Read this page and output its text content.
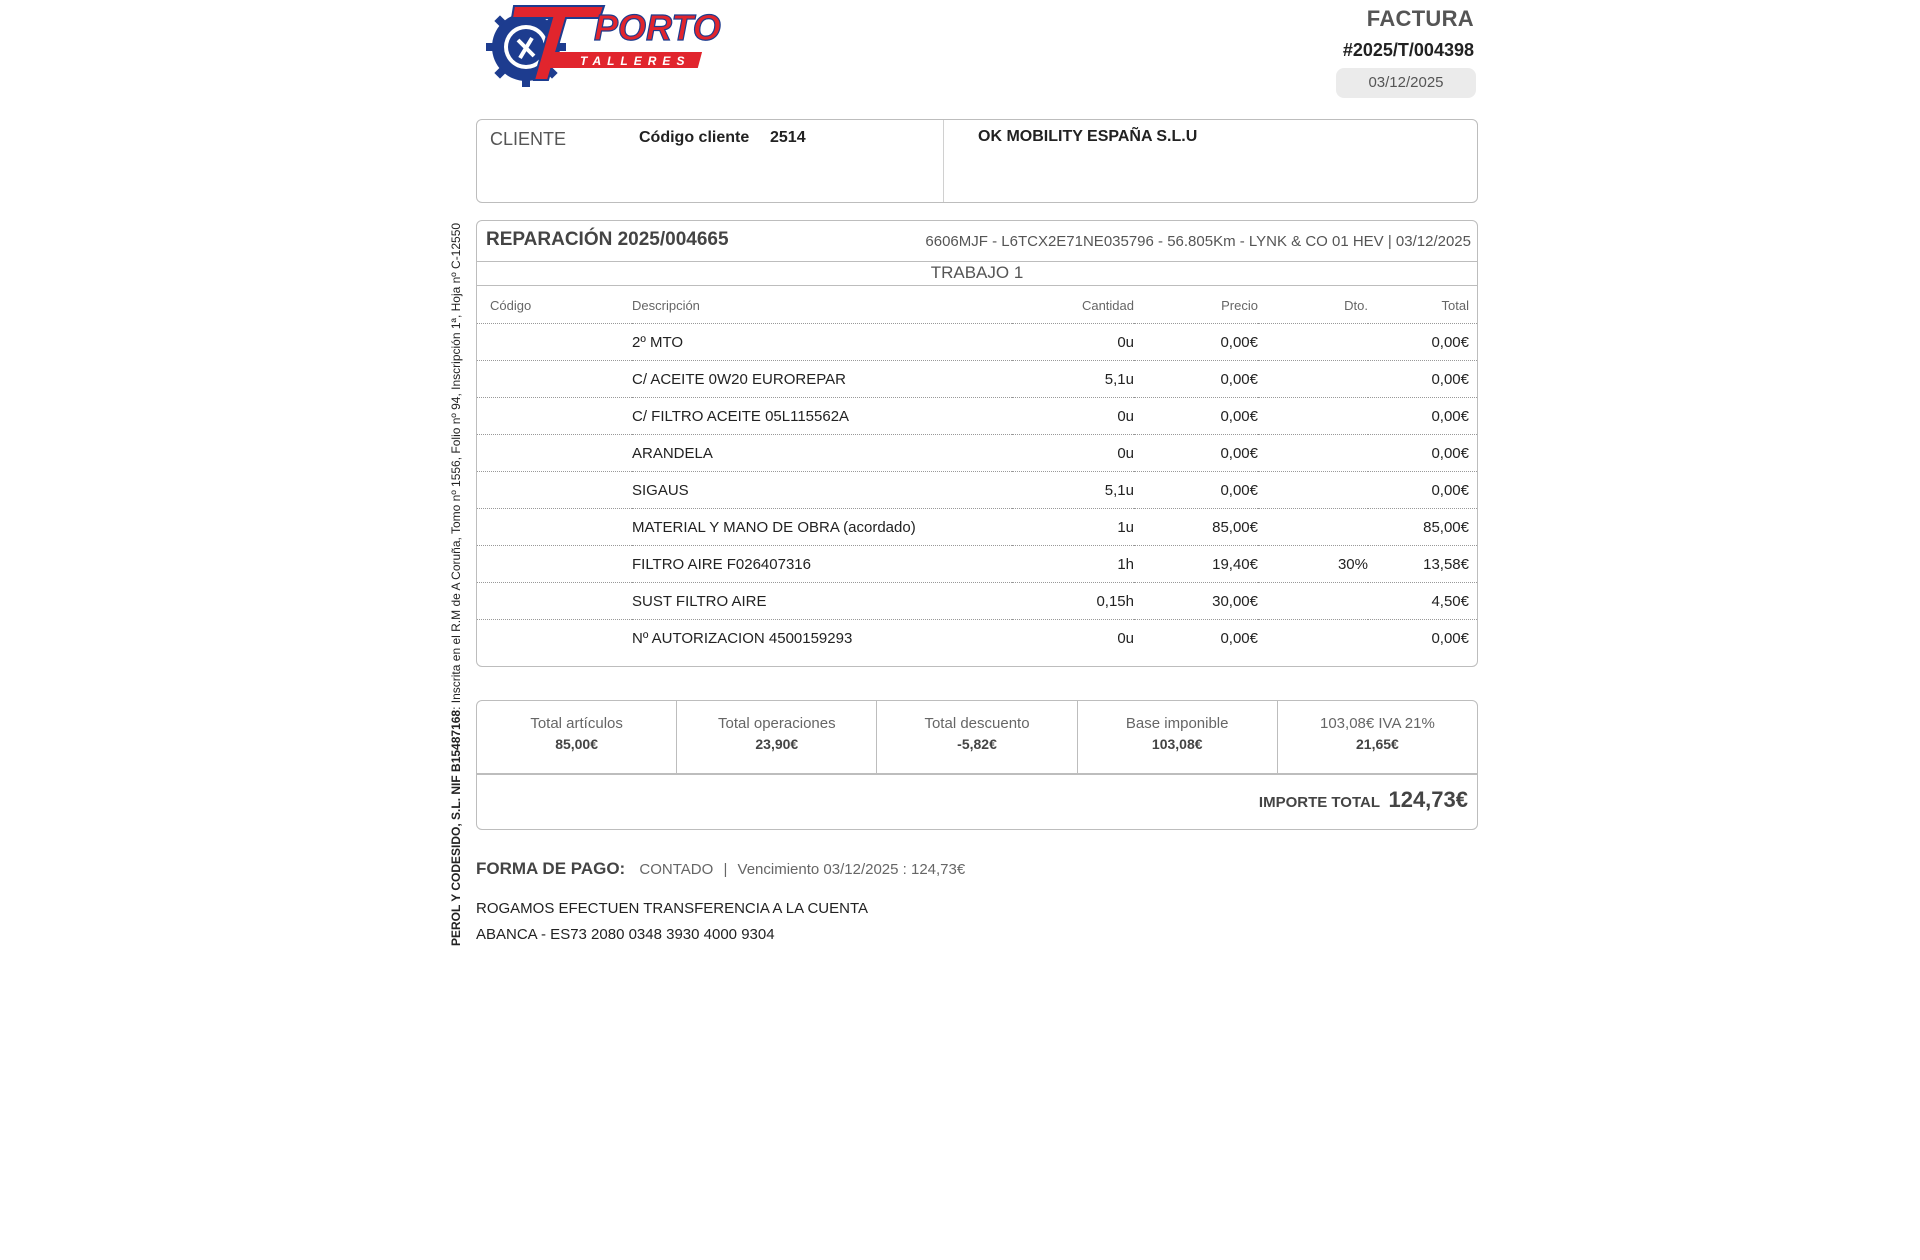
PORTO
TALLERES
FACTURA
#2025/T/004398
03/12/2025
CLIENTE	Código cliente 2514	OK MOBILITY ESPAÑA S.L.U
PEROL Y CODESIDO, S.L. NIF B15487168: Inscrita en el R.M de A Coruña, Tomo nº 1556, Folio nº 94, Inscripción 1ª, Hoja nº C-12550 REPARACIÓN 2025/004665	6606MJF - L6TCX2E71NE035796 - 56.805Km - LYNK & CO 01 HEV | 03/12/2025
TRABAJO 1
Código	Descripción	Cantidad	Precio	Dto.	Total
	2º MTO	0u	0,00€		0,00€
	C/ ACEITE 0W20 EUROREPAR	5,1u	0,00€		0,00€
	C/ FILTRO ACEITE 05L115562A	0u	0,00€		0,00€
	ARANDELA	0u	0,00€		0,00€
	SIGAUS	5,1u	0,00€		0,00€
	MATERIAL Y MANO DE OBRA (acordado)	1u	85,00€		85,00€
	FILTRO AIRE F026407316	1h	19,40€	30%	13,58€
	SUST FILTRO AIRE	0,15h	30,00€		4,50€
	Nº AUTORIZACION 4500159293	0u	0,00€		0,00€
Total artículos
85,00€
Total operaciones
23,90€
Total descuento
-5,82€
Base imponible
103,08€
103,08€ IVA 21%
21,65€
IMPORTE TOTAL 124,73€
FORMA DE PAGO: CONTADO | Vencimiento 03/12/2025 : 124,73€
ROGAMOS EFECTUEN TRANSFERENCIA A LA CUENTA
ABANCA - ES73 2080 0348 3930 4000 9304
